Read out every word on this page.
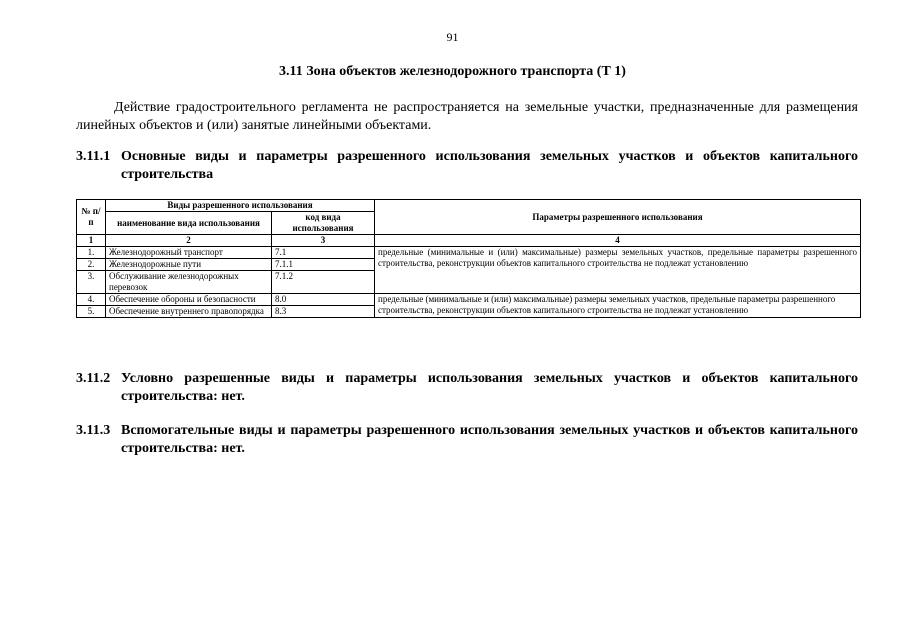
91
3.11 Зона объектов железнодорожного транспорта (Т 1)
Действие градостроительного регламента не распространяется на земельные участки, предназначенные для размещения линейных объектов и (или) занятые линейными объектами.
3.11.1 Основные виды и параметры разрешенного использования земельных участков и объектов капитального строительства
№ п/п	Виды разрешенного использования		Параметры разрешенного использования
	наименование вида использования	код вида использования	
1	2	3	4
1.	Железнодорожный транспорт	7.1	предельные (минимальные и (или) максимальные) размеры земельных участков, предельные параметры разрешенного строительства, реконструкции объектов капитального строительства не подлежат установлению
2.	Железнодорожные пути	7.1.1	
3.	Обслуживание железнодорожных перевозок	7.1.2	
4.	Обеспечение обороны и безопасности	8.0	предельные (минимальные и (или) максимальные) размеры земельных участков, предельные параметры разрешенного строительства, реконструкции объектов капитального строительства не подлежат установлению
5.	Обеспечение внутреннего правопорядка	8.3	
3.11.2 Условно разрешенные виды и параметры использования земельных участков и объектов капитального строительства: нет.
3.11.3 Вспомогательные виды и параметры разрешенного использования земельных участков и объектов капитального строительства: нет.
